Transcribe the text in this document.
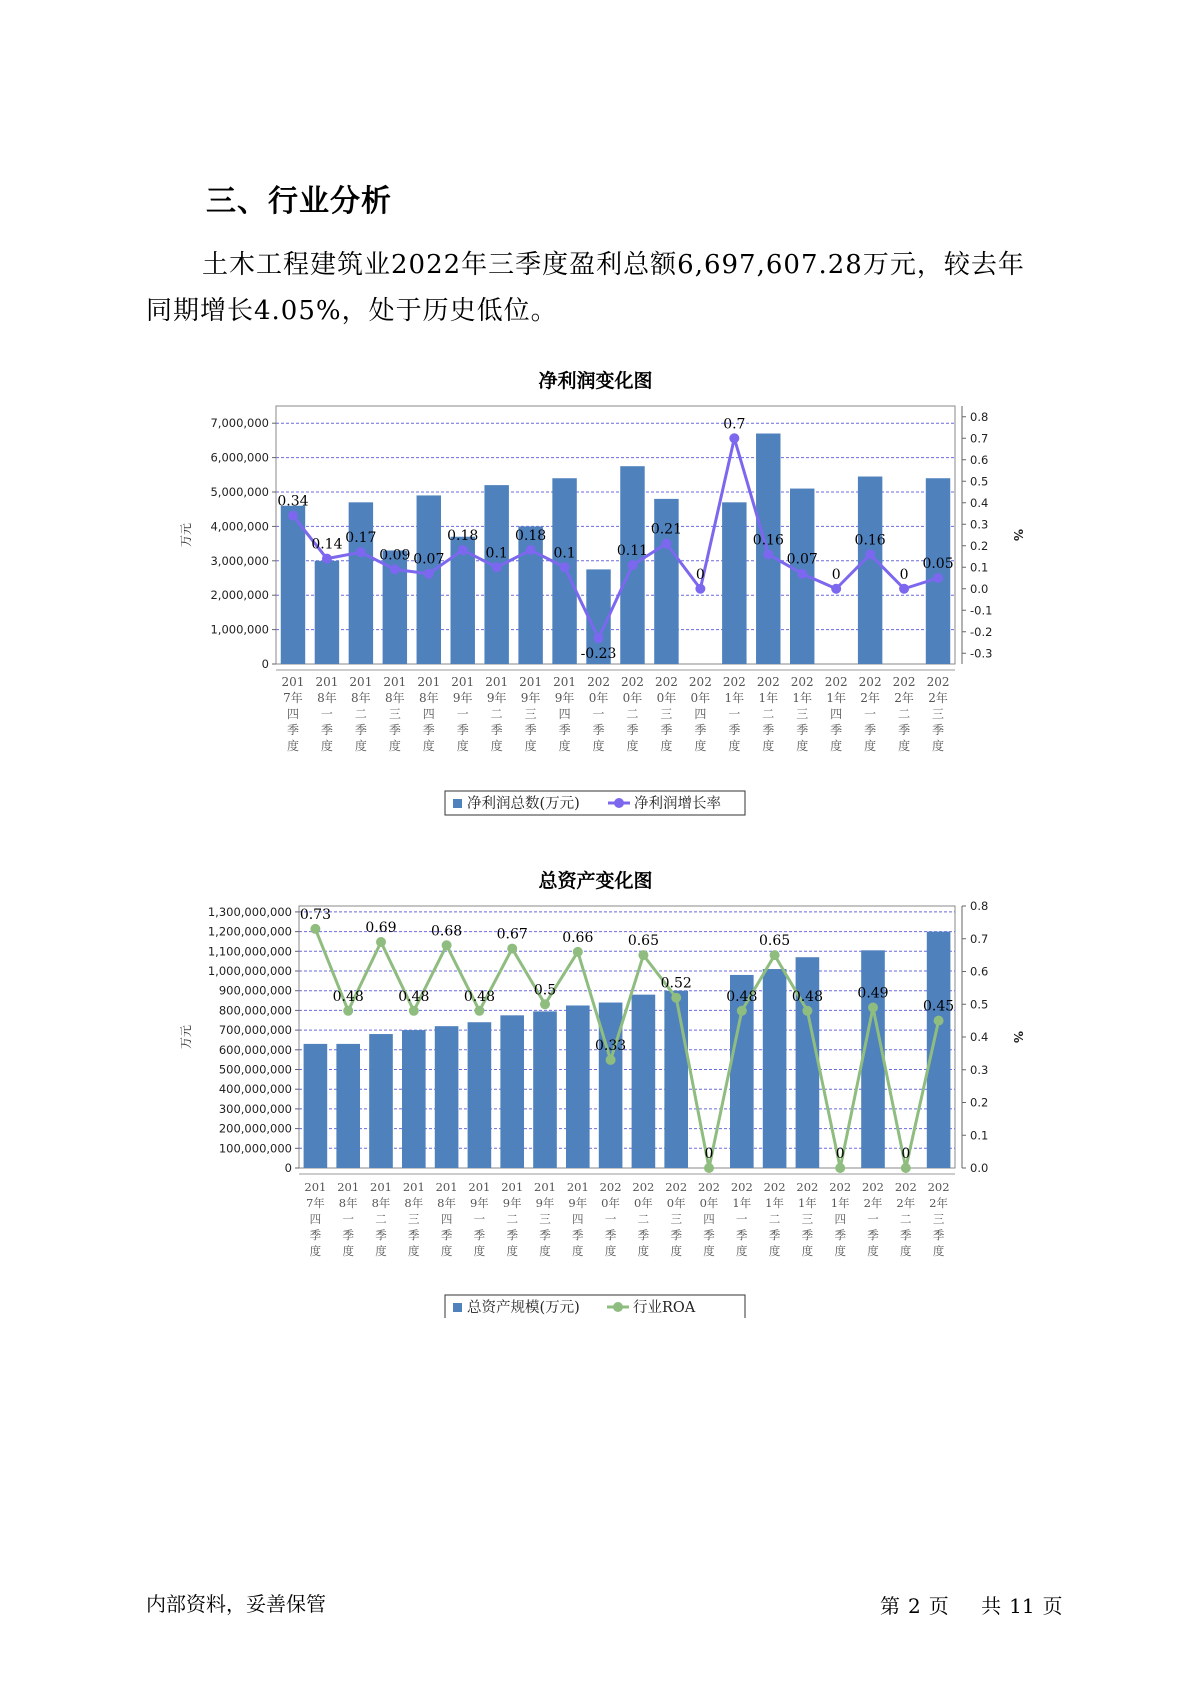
三、行业分析
土木工程建筑业2022年三季度盈利总额6,697,607.28万元，较去年同期增长4.05%，处于历史低位。
净利润变化图
0
1,000,000
2,000,000
3,000,000
4,000,000
5,000,000
6,000,000
7,000,000
万元
-0.3
-0.2
-0.1
0.0
0.1
0.2
0.3
0.4
0.5
0.6
0.7
0.8
%
0.34
0.14 0.17
0.09 0.07
0.18
0.1
0.18
0.1
-0.23
0.11
0.21
0
0.7
0.16
0.07
0
0.16
0
0.05
201
7年
四
季
度
201
8年
一
季
度
201
8年
二
季
度
201
8年
三
季
度
201
8年
四
季
度
201
9年
一
季
度
201
9年
二
季
度
201
9年
三
季
度
201
9年
四
季
度
202
0年
一
季
度
202
0年
二
季
度
202
0年
三
季
度
202
0年
四
季
度
202
1年
一
季
度
202
1年
二
季
度
202
1年
三
季
度
202
1年
四
季
度
202
2年
一
季
度
202
2年
二
季
度
202
2年
三
季
度
净利润总数(万元)	净利润增长率
总资产变化图
0
100,000,000
200,000,000
300,000,000
400,000,000
500,000,000
600,000,000
700,000,000
800,000,000
900,000,000
1,000,000,000
1,100,000,000
1,200,000,000
1,300,000,000
万元
0.0
0.1
0.2
0.3
0.4
0.5
0.6
0.7
0.8
%
0.73
0.48
0.69
0.48
0.68
0.48
0.67
0.5
0.66
0.33
0.65
0.52
0
0.48
0.65
0.48
0
0.49
0
0.45
201
7年
四
季
度
201
8年
一
季
度
201
8年
二
季
度
201
8年
三
季
度
201
8年
四
季
度
201
9年
一
季
度
201
9年
二
季
度
201
9年
三
季
度
201
9年
四
季
度
202
0年
一
季
度
202
0年
二
季
度
202
0年
三
季
度
202
0年
四
季
度
202
1年
一
季
度
202
1年
二
季
度
202
1年
三
季
度
202
1年
四
季
度
202
2年
一
季
度
202
2年
二
季
度
202
2年
三
季
度
总资产规模(万元)	行业ROA
内部资料，妥善保管	第 2 页 共 11 页
